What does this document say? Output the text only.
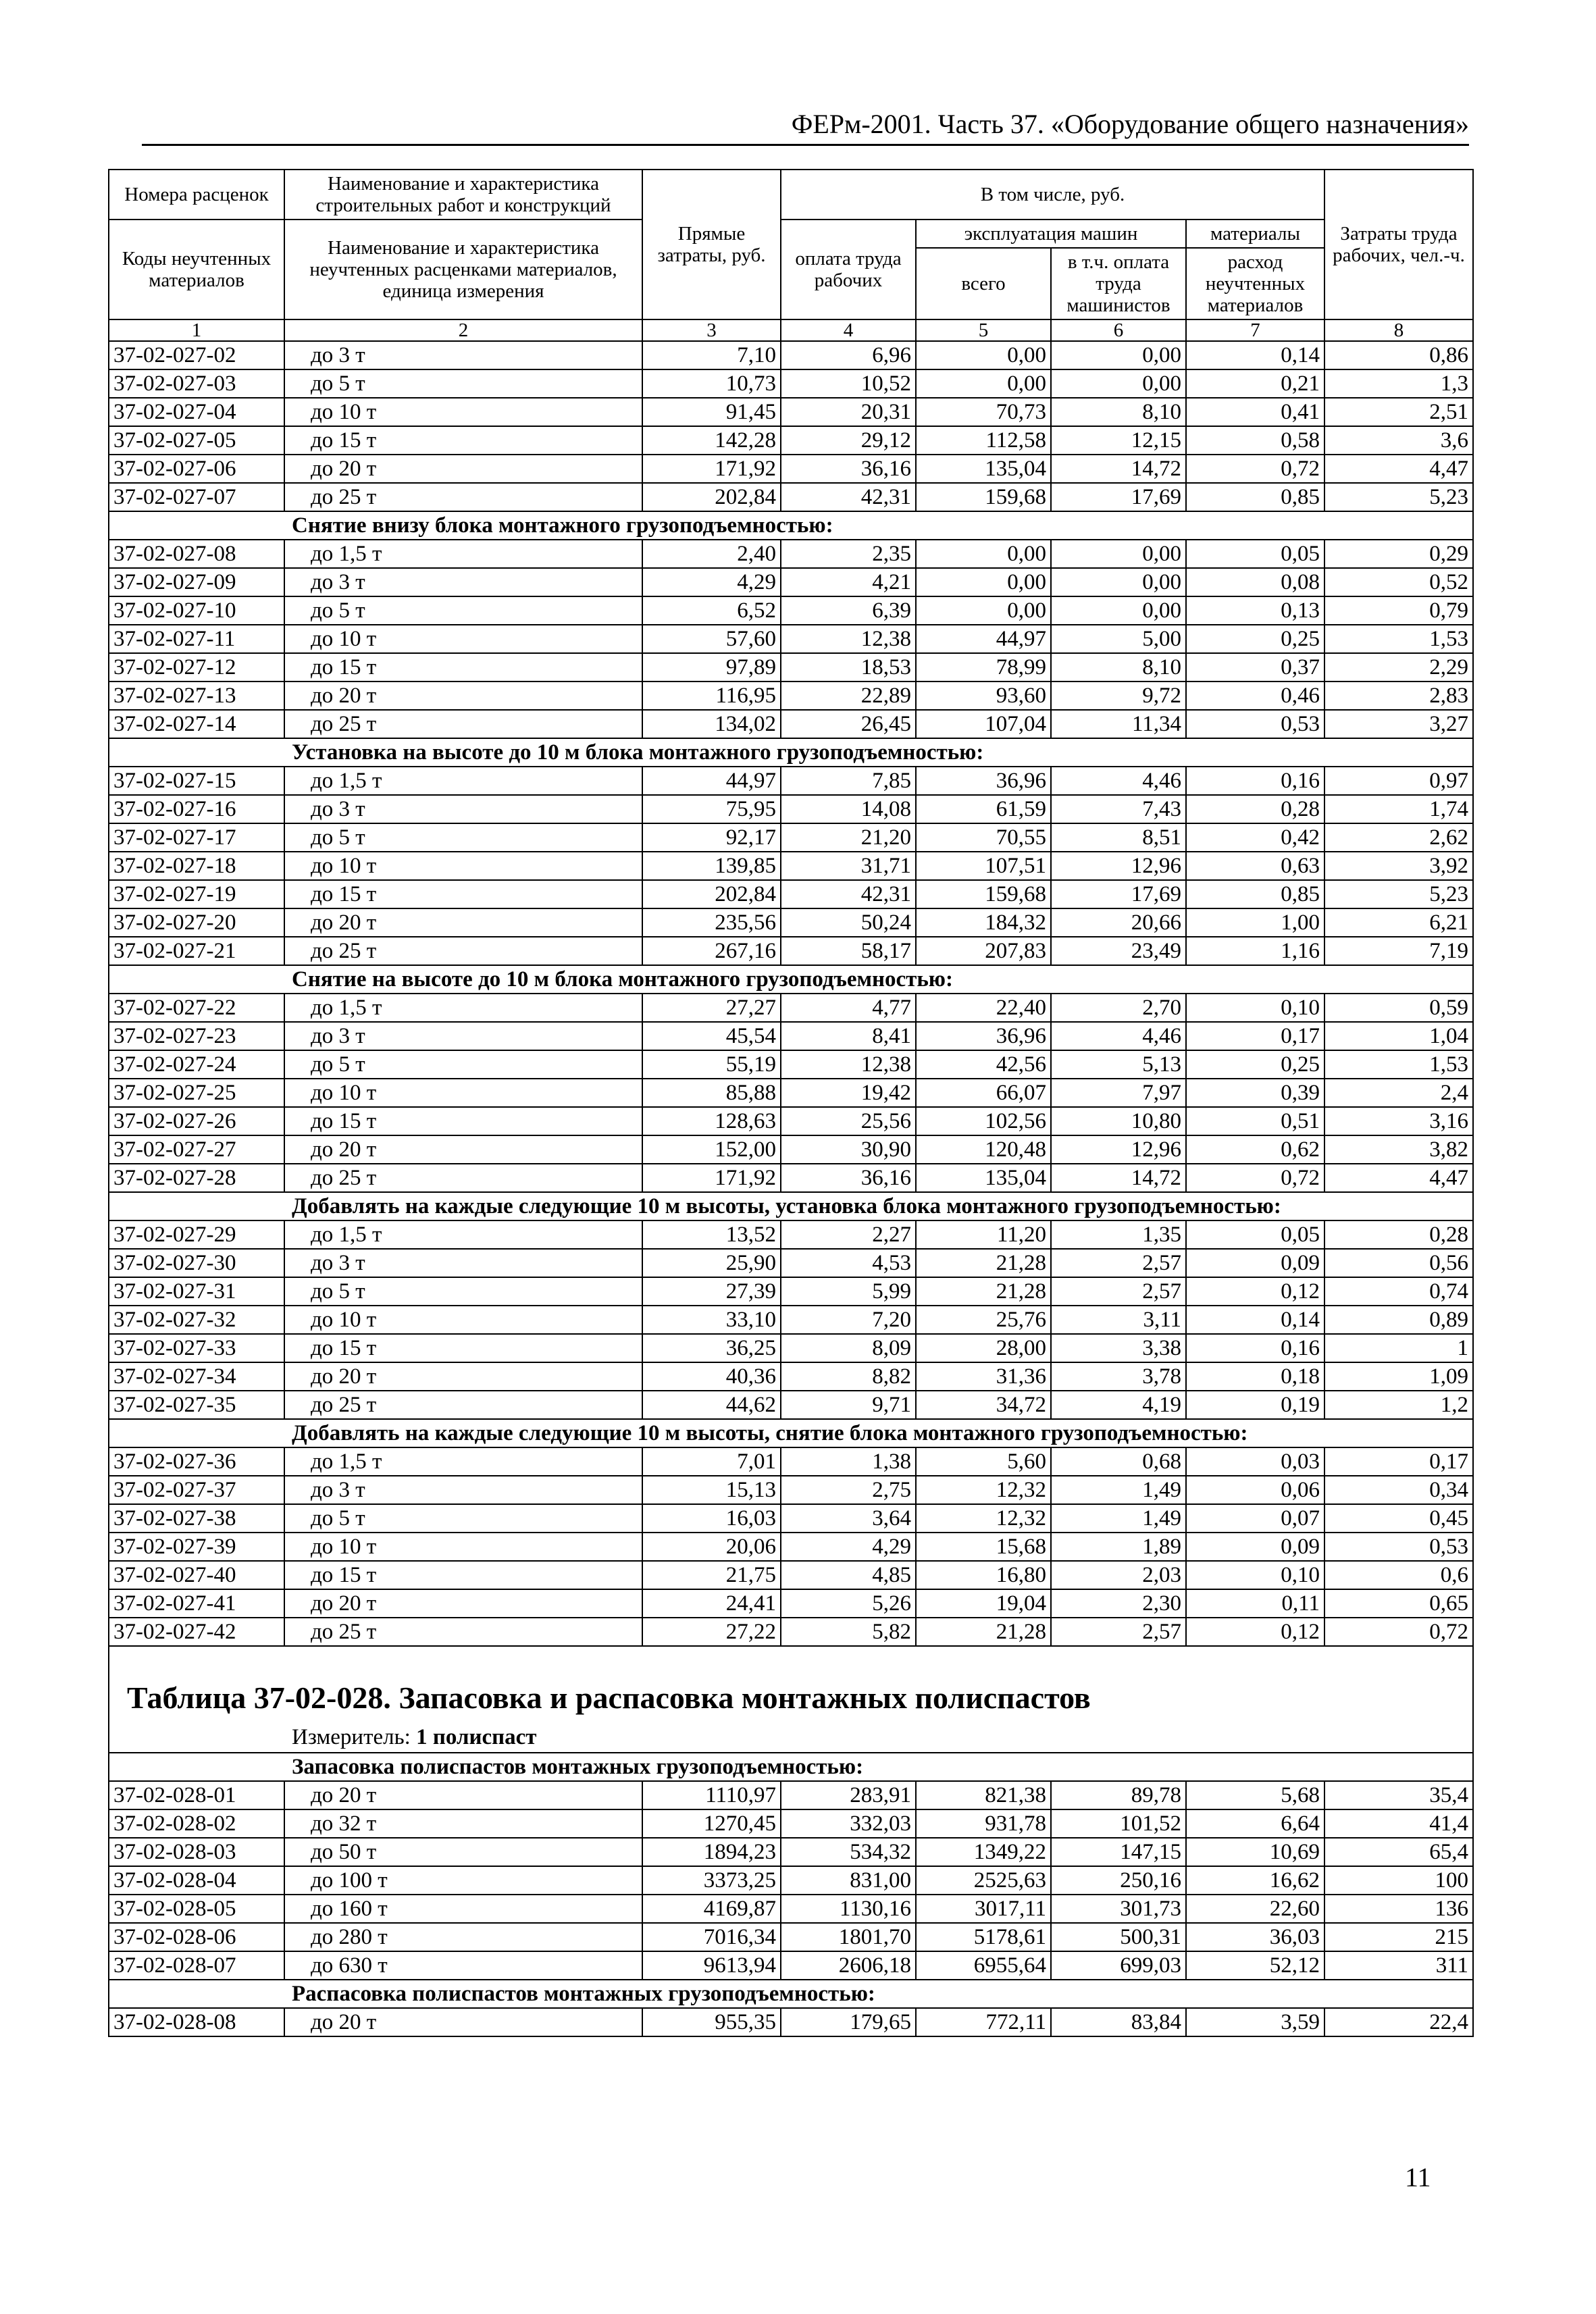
ФЕРм-2001. Часть 37. «Оборудование общего назначения»
Номера расценок	Наименование и характеристика строительных работ и конструкций	Прямые затраты, руб.	В том числе, руб.				Затраты труда рабочих, чел.-ч.
Коды неучтенных материалов	Наименование и характеристика неучтенных расценками материалов, единица измерения		оплата труда рабочих	эксплуатация машин		материалы	
				всего	в т.ч. оплата труда машинистов	расход неучтенных материалов	
1	2	3	4	5	6	7	8
37-02-027-02	до 3 т	7,10	6,96	0,00	0,00	0,14	0,86
37-02-027-03	до 5 т	10,73	10,52	0,00	0,00	0,21	1,3
37-02-027-04	до 10 т	91,45	20,31	70,73	8,10	0,41	2,51
37-02-027-05	до 15 т	142,28	29,12	112,58	12,15	0,58	3,6
37-02-027-06	до 20 т	171,92	36,16	135,04	14,72	0,72	4,47
37-02-027-07	до 25 т	202,84	42,31	159,68	17,69	0,85	5,23
Снятие внизу блока монтажного грузоподъемностью:							
37-02-027-08	до 1,5 т	2,40	2,35	0,00	0,00	0,05	0,29
37-02-027-09	до 3 т	4,29	4,21	0,00	0,00	0,08	0,52
37-02-027-10	до 5 т	6,52	6,39	0,00	0,00	0,13	0,79
37-02-027-11	до 10 т	57,60	12,38	44,97	5,00	0,25	1,53
37-02-027-12	до 15 т	97,89	18,53	78,99	8,10	0,37	2,29
37-02-027-13	до 20 т	116,95	22,89	93,60	9,72	0,46	2,83
37-02-027-14	до 25 т	134,02	26,45	107,04	11,34	0,53	3,27
Установка на высоте до 10 м блока монтажного грузоподъемностью:							
37-02-027-15	до 1,5 т	44,97	7,85	36,96	4,46	0,16	0,97
37-02-027-16	до 3 т	75,95	14,08	61,59	7,43	0,28	1,74
37-02-027-17	до 5 т	92,17	21,20	70,55	8,51	0,42	2,62
37-02-027-18	до 10 т	139,85	31,71	107,51	12,96	0,63	3,92
37-02-027-19	до 15 т	202,84	42,31	159,68	17,69	0,85	5,23
37-02-027-20	до 20 т	235,56	50,24	184,32	20,66	1,00	6,21
37-02-027-21	до 25 т	267,16	58,17	207,83	23,49	1,16	7,19
Снятие на высоте до 10 м блока монтажного грузоподъемностью:							
37-02-027-22	до 1,5 т	27,27	4,77	22,40	2,70	0,10	0,59
37-02-027-23	до 3 т	45,54	8,41	36,96	4,46	0,17	1,04
37-02-027-24	до 5 т	55,19	12,38	42,56	5,13	0,25	1,53
37-02-027-25	до 10 т	85,88	19,42	66,07	7,97	0,39	2,4
37-02-027-26	до 15 т	128,63	25,56	102,56	10,80	0,51	3,16
37-02-027-27	до 20 т	152,00	30,90	120,48	12,96	0,62	3,82
37-02-027-28	до 25 т	171,92	36,16	135,04	14,72	0,72	4,47
Добавлять на каждые следующие 10 м высоты, установка блока монтажного грузоподъемностью:							
37-02-027-29	до 1,5 т	13,52	2,27	11,20	1,35	0,05	0,28
37-02-027-30	до 3 т	25,90	4,53	21,28	2,57	0,09	0,56
37-02-027-31	до 5 т	27,39	5,99	21,28	2,57	0,12	0,74
37-02-027-32	до 10 т	33,10	7,20	25,76	3,11	0,14	0,89
37-02-027-33	до 15 т	36,25	8,09	28,00	3,38	0,16	1
37-02-027-34	до 20 т	40,36	8,82	31,36	3,78	0,18	1,09
37-02-027-35	до 25 т	44,62	9,71	34,72	4,19	0,19	1,2
Добавлять на каждые следующие 10 м высоты, снятие блока монтажного грузоподъемностью:							
37-02-027-36	до 1,5 т	7,01	1,38	5,60	0,68	0,03	0,17
37-02-027-37	до 3 т	15,13	2,75	12,32	1,49	0,06	0,34
37-02-027-38	до 5 т	16,03	3,64	12,32	1,49	0,07	0,45
37-02-027-39	до 10 т	20,06	4,29	15,68	1,89	0,09	0,53
37-02-027-40	до 15 т	21,75	4,85	16,80	2,03	0,10	0,6
37-02-027-41	до 20 т	24,41	5,26	19,04	2,30	0,11	0,65
37-02-027-42	до 25 т	27,22	5,82	21,28	2,57	0,12	0,72

Таблица 37-02-028. Запасовка и распасовка монтажных полиспастов							
Измеритель: 1 полиспаст							
Запасовка полиспастов монтажных грузоподъемностью:							
37-02-028-01	до 20 т	1110,97	283,91	821,38	89,78	5,68	35,4
37-02-028-02	до 32 т	1270,45	332,03	931,78	101,52	6,64	41,4
37-02-028-03	до 50 т	1894,23	534,32	1349,22	147,15	10,69	65,4
37-02-028-04	до 100 т	3373,25	831,00	2525,63	250,16	16,62	100
37-02-028-05	до 160 т	4169,87	1130,16	3017,11	301,73	22,60	136
37-02-028-06	до 280 т	7016,34	1801,70	5178,61	500,31	36,03	215
37-02-028-07	до 630 т	9613,94	2606,18	6955,64	699,03	52,12	311
Распасовка полиспастов монтажных грузоподъемностью:							
37-02-028-08	до 20 т	955,35	179,65	772,11	83,84	3,59	22,4
11
